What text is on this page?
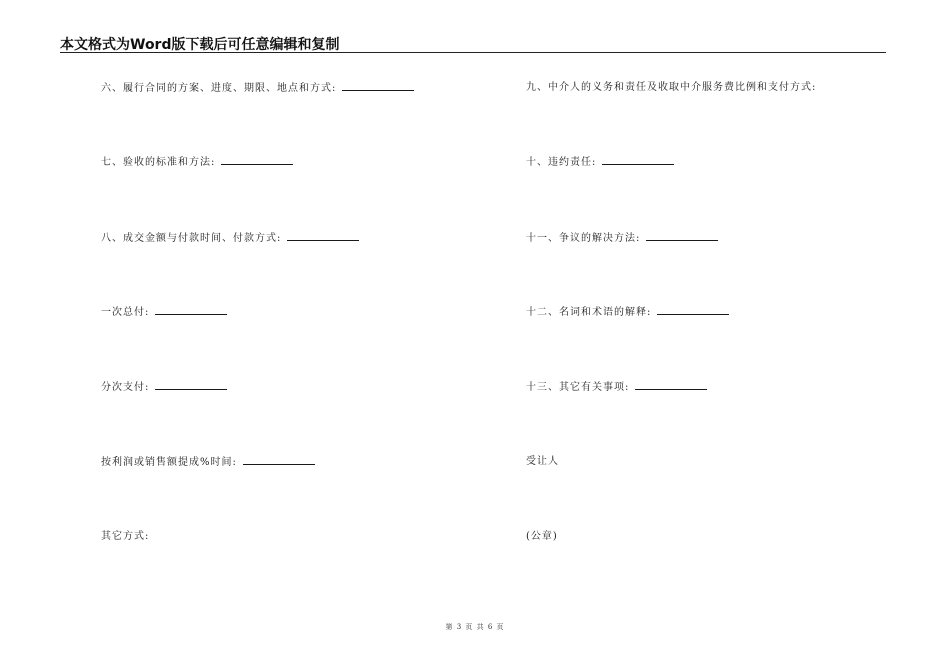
本文格式为Word版下载后可任意编辑和复制
六、履行合同的方案、进度、期限、地点和方式:
七、验收的标准和方法:
八、成交金额与付款时间、付款方式:
一次总付:
分次支付:
按利润或销售额提成%时间:
其它方式:
九、中介人的义务和责任及收取中介服务费比例和支付方式:
十、违约责任:
十一、争议的解决方法:
十二、名词和术语的解释:
十三、其它有关事项:
受让人
(公章)
第 3 页 共 6 页
